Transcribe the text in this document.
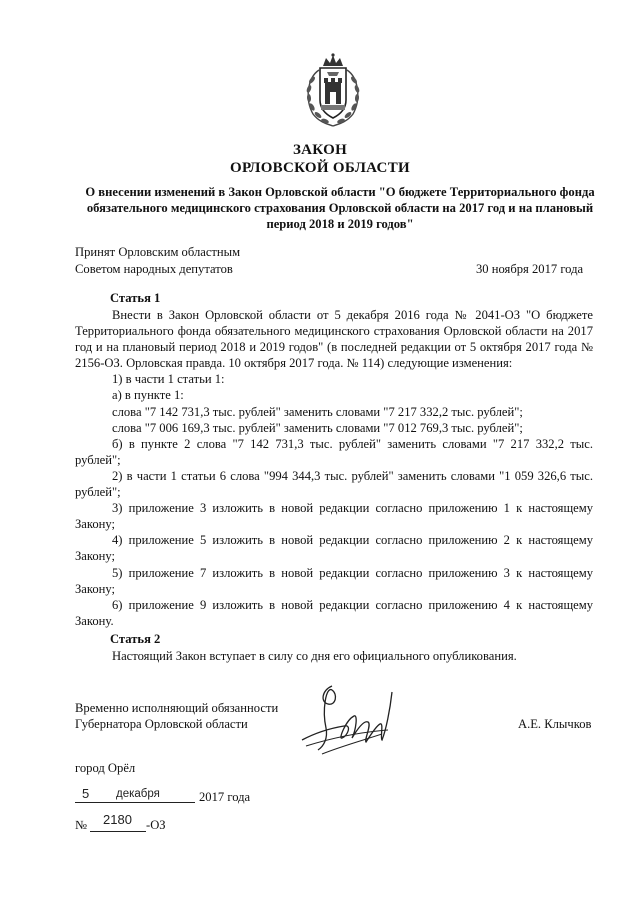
ЗАКОН
ОРЛОВСКОЙ ОБЛАСТИ
О внесении изменений в Закон Орловской области "О бюджете Территориального фонда обязательного медицинского страхования Орловской области на 2017 год и на плановый период 2018 и 2019 годов"
Принят Орловским областным
Советом народных депутатов	30 ноября 2017 года
Статья 1

Внести в Закон Орловской области от 5 декабря 2016 года № 2041-ОЗ "О бюджете Территориального фонда обязательного медицинского страхования Орловской области на 2017 год и на плановый период 2018 и 2019 годов" (в последней редакции от 5 октября 2017 года № 2156-ОЗ. Орловская правда. 10 октября 2017 года. № 114) следующие изменения:

1) в части 1 статьи 1:

а) в пункте 1:

слова "7 142 731,3 тыс. рублей" заменить словами "7 217 332,2 тыс. рублей";

слова "7 006 169,3 тыс. рублей" заменить словами "7 012 769,3 тыс. рублей";

б) в пункте 2 слова "7 142 731,3 тыс. рублей" заменить словами "7 217 332,2 тыс. рублей";

2) в части 1 статьи 6 слова "994 344,3 тыс. рублей" заменить словами "1 059 326,6 тыс. рублей";

3) приложение 3 изложить в новой редакции согласно приложению 1 к настоящему Закону;

4) приложение 5 изложить в новой редакции согласно приложению 2 к настоящему Закону;

5) приложение 7 изложить в новой редакции согласно приложению 3 к настоящему Закону;

6) приложение 9 изложить в новой редакции согласно приложению 4 к настоящему Закону.

Статья 2

Настоящий Закон вступает в силу со дня его официального опубликования.

Временно исполняющий обязанности
Губернатора Орловской области	А.Е. Клычков
город Орёл
5 декабря	2017 года
№ 2180 -ОЗ
